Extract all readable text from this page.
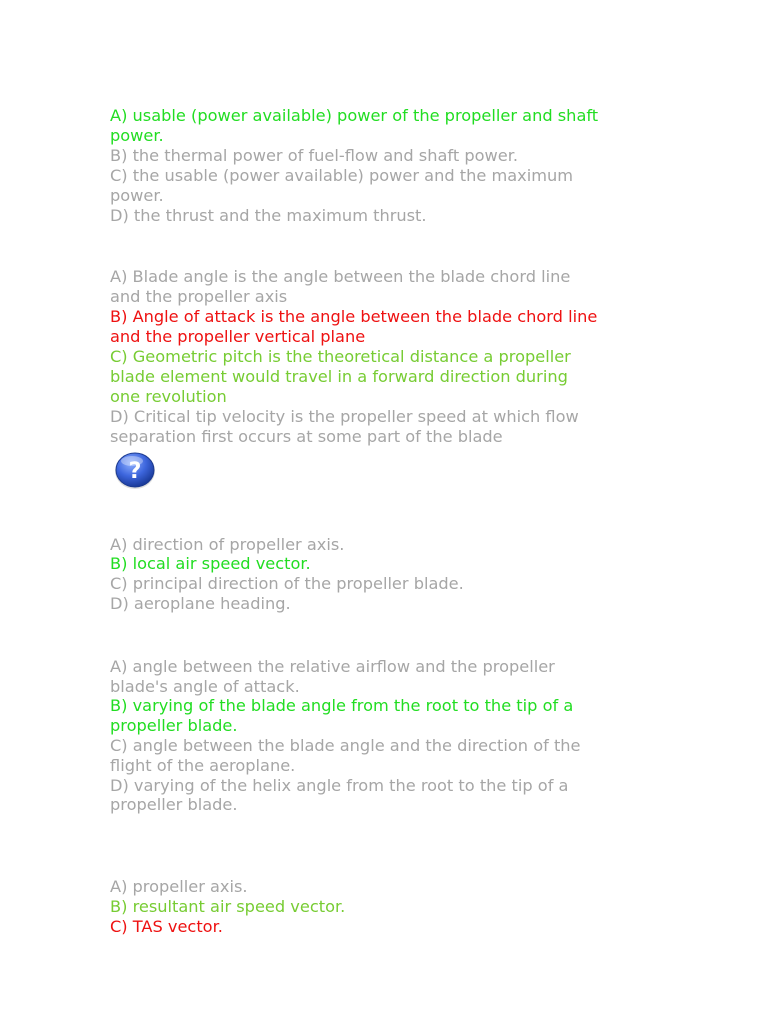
A) usable (power available) power of the propeller and shaft

power.

B) the thermal power of fuel-flow and shaft power.

C) the usable (power available) power and the maximum

power.

D) the thrust and the maximum thrust.

A) Blade angle is the angle between the blade chord line

and the propeller axis

B) Angle of attack is the angle between the blade chord line

and the propeller vertical plane

C) Geometric pitch is the theoretical distance a propeller

blade element would travel in a forward direction during

one revolution

D) Critical tip velocity is the propeller speed at which flow

separation first occurs at some part of the blade

?

A) direction of propeller axis.

B) local air speed vector.

C) principal direction of the propeller blade.

D) aeroplane heading.

A) angle between the relative airflow and the propeller

blade's angle of attack.

B) varying of the blade angle from the root to the tip of a

propeller blade.

C) angle between the blade angle and the direction of the

flight of the aeroplane.

D) varying of the helix angle from the root to the tip of a

propeller blade.

A) propeller axis.

B) resultant air speed vector.

C) TAS vector.
